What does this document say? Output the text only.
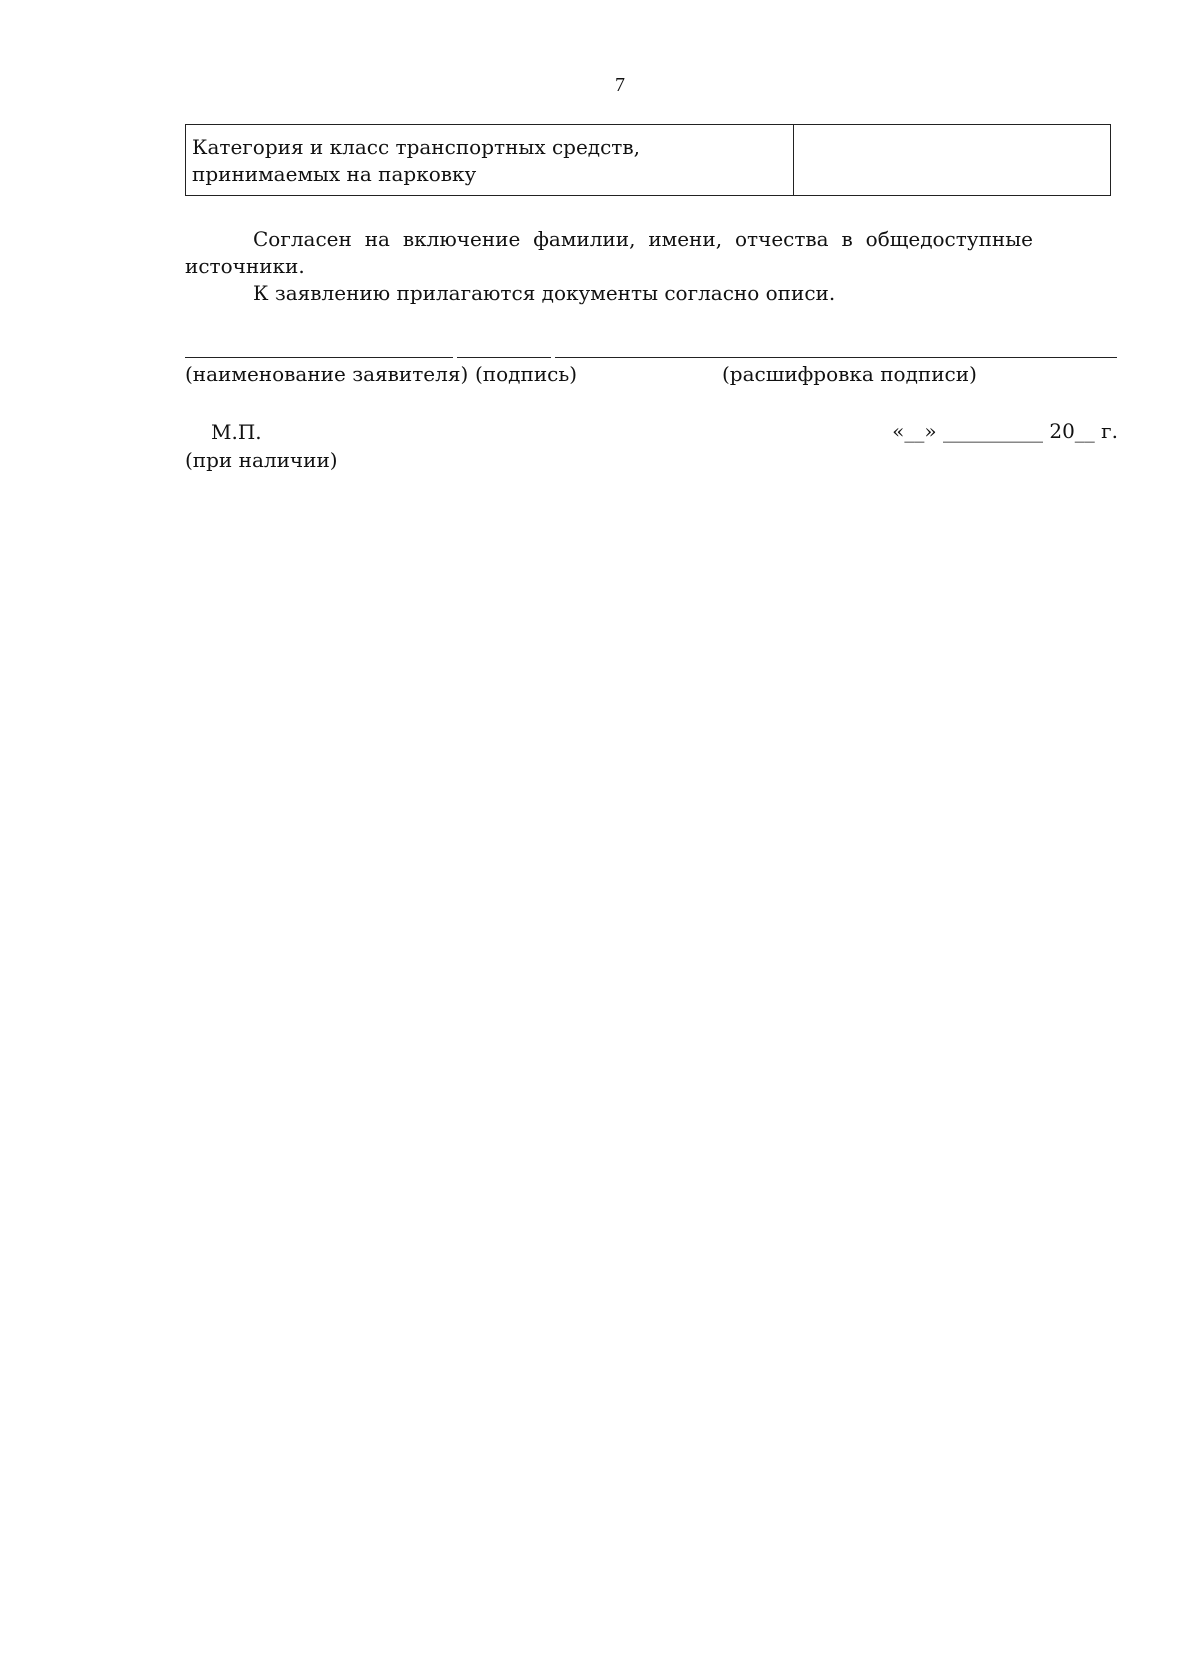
7
Категория и класс транспортных средств, принимаемых на парковку
Согласен на включение фамилии, имени, отчества в общедоступные источники.
К заявлению прилагаются документы согласно описи.
(наименование заявителя) (подпись)	(расшифровка подписи)
М.П.
(при наличии)
«__» __________ 20__ г.
